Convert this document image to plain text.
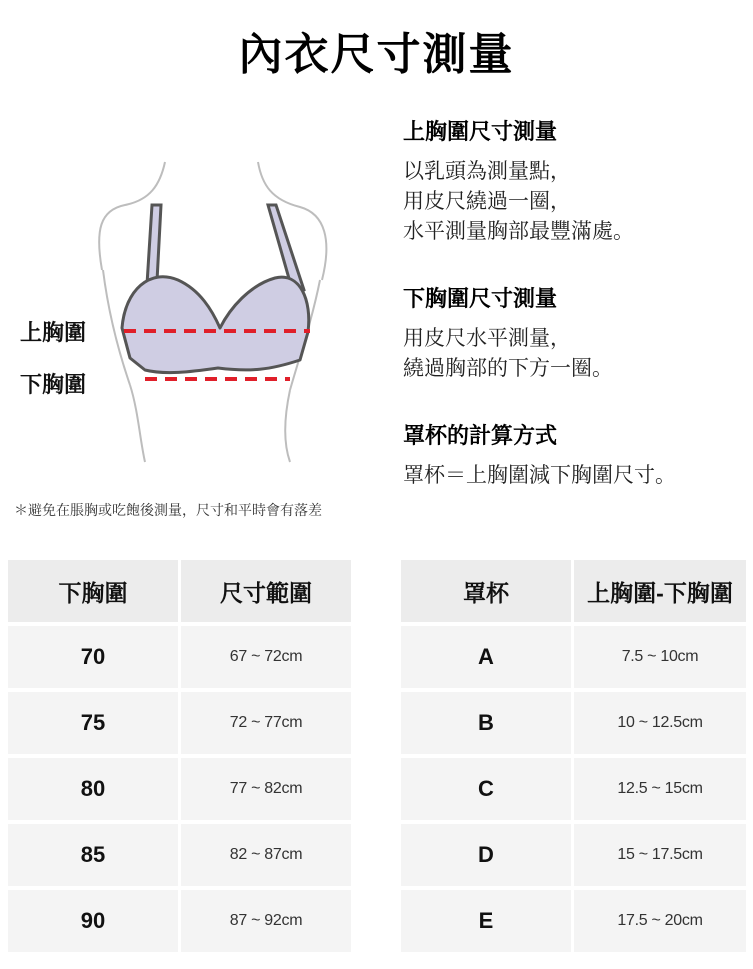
內衣尺寸測量
上胸圍
下胸圍
上胸圍尺寸測量
以乳頭為測量點，
用皮尺繞過一圈，
水平測量胸部最豐滿處。
下胸圍尺寸測量
用皮尺水平測量，
繞過胸部的下方一圈。
罩杯的計算方式
罩杯＝上胸圍減下胸圍尺寸。
＊避免在脹胸或吃飽後測量，尺寸和平時會有落差
下胸圍	尺寸範圍
70	67 ~ 72cm
75	72 ~ 77cm
80	77 ~ 82cm
85	82 ~ 87cm
90	87 ~ 92cm
罩杯	上胸圍-下胸圍
A	7.5 ~ 10cm
B	10 ~ 12.5cm
C	12.5 ~ 15cm
D	15 ~ 17.5cm
E	17.5 ~ 20cm
